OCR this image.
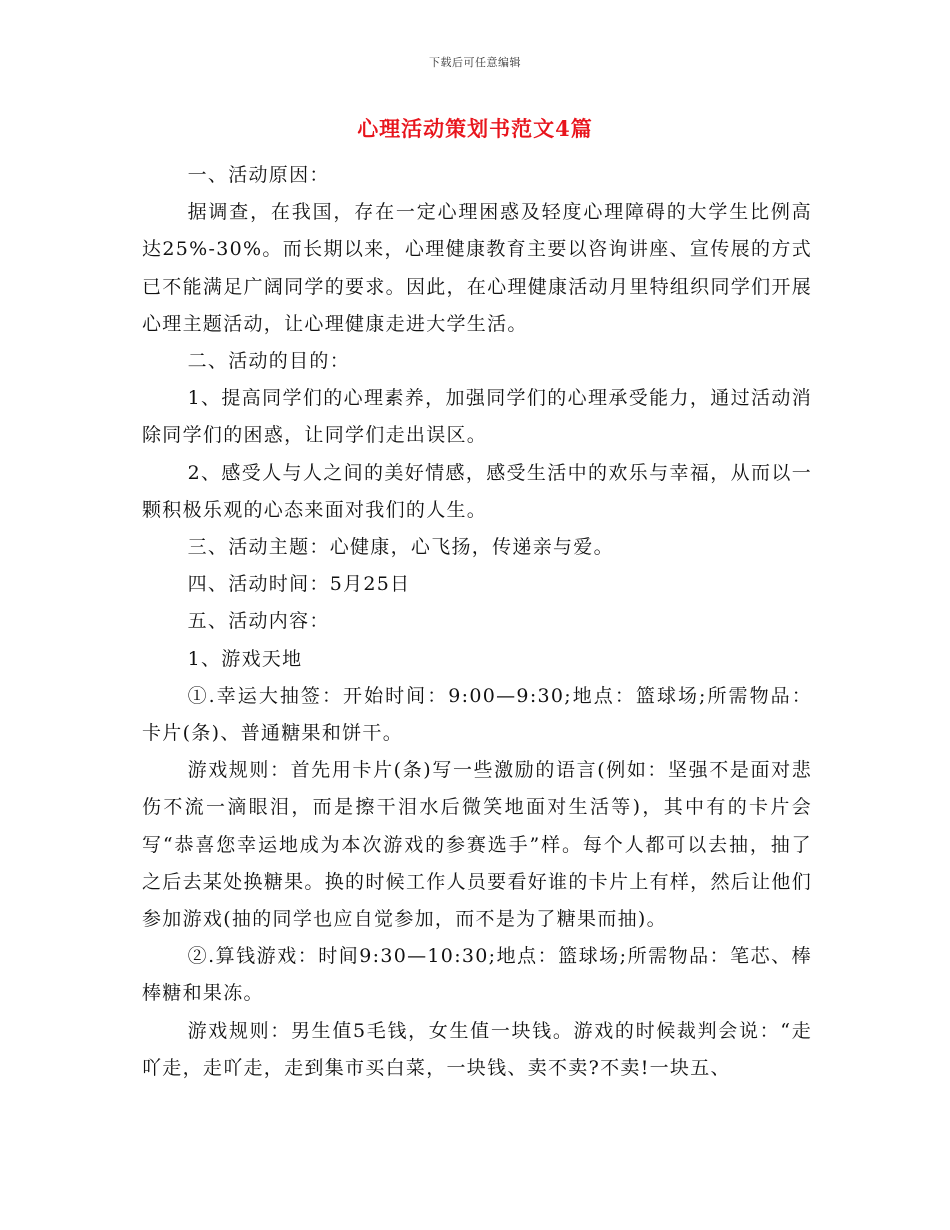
下载后可任意编辑
心理活动策划书范文4篇

一、活动原因：

据调查，在我国，存在一定心理困惑及轻度心理障碍的大学生比例高达25%-30%。而长期以来，心理健康教育主要以咨询讲座、宣传展的方式已不能满足广阔同学的要求。因此，在心理健康活动月里特组织同学们开展心理主题活动，让心理健康走进大学生活。

二、活动的目的：

1、提高同学们的心理素养，加强同学们的心理承受能力，通过活动消除同学们的困惑，让同学们走出误区。

2、感受人与人之间的美好情感，感受生活中的欢乐与幸福，从而以一颗积极乐观的心态来面对我们的人生。

三、活动主题：心健康，心飞扬，传递亲与爱。

四、活动时间：5月25日

五、活动内容：

1、游戏天地

①.幸运大抽签：开始时间：9:00—9:30;地点：篮球场;所需物品：卡片(条)、普通糖果和饼干。

游戏规则：首先用卡片(条)写一些激励的语言(例如：坚强不是面对悲伤不流一滴眼泪，而是擦干泪水后微笑地面对生活等)，其中有的卡片会写“恭喜您幸运地成为本次游戏的参赛选手”样。每个人都可以去抽，抽了之后去某处换糖果。换的时候工作人员要看好谁的卡片上有样，然后让他们参加游戏(抽的同学也应自觉参加，而不是为了糖果而抽)。

②.算钱游戏：时间9:30—10:30;地点：篮球场;所需物品：笔芯、棒棒糖和果冻。

游戏规则：男生值5毛钱，女生值一块钱。游戏的时候裁判会说：“走吖走，走吖走，走到集市买白菜，一块钱、卖不卖?不卖!一块五、
